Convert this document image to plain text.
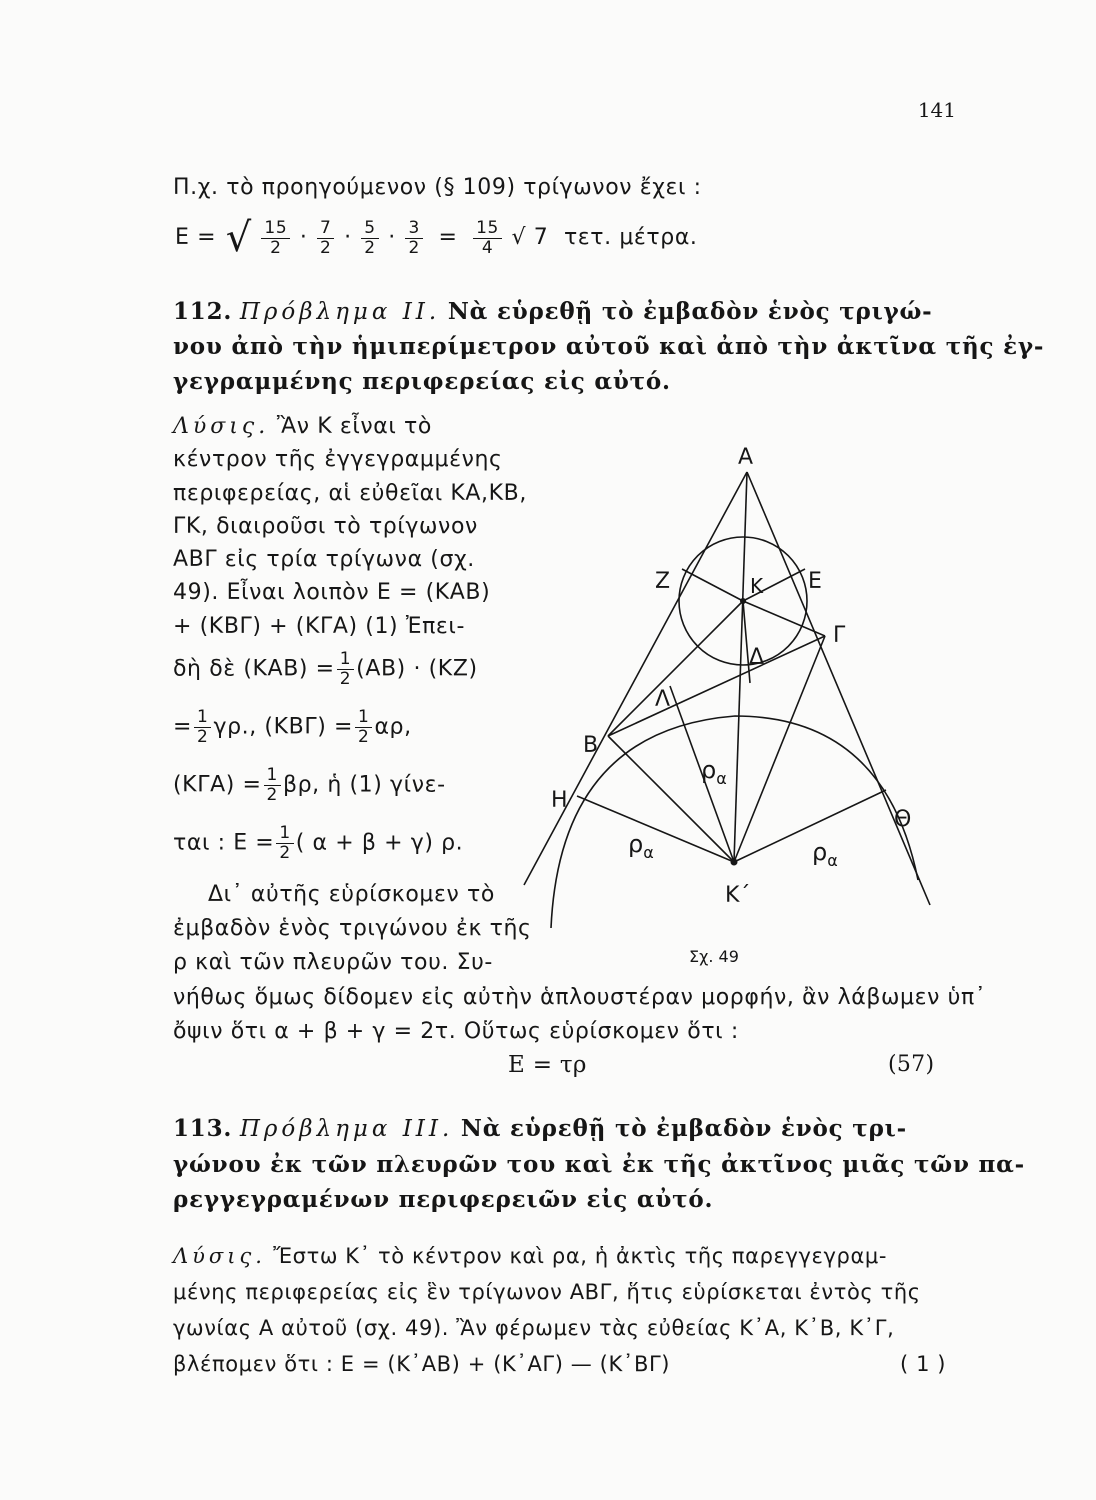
141
Π.χ. τὸ προηγούμενον (§ 109) τρίγωνον ἔχει :
Ε = √ $\frac{15}{2} \cdot \frac{7}{2} \cdot \frac{5}{2} \cdot \frac{3}{2} = \frac{15}{4}$ √ 7 τετ. μέτρα.
112. Πρόβλημα ΙΙ. Νὰ εὑρεθῇ τὸ ἐμβαδὸν ἑνὸς τριγώ-
νου ἀπὸ τὴν ἡμιπερίμετρον αὐτοῦ καὶ ἀπὸ τὴν ἀκτῖνα τῆς ἐγ-
γεγραμμένης περιφερείας εἰς αὐτό.
Λύσις. Ἂν Κ εἶναι τὸ
κέντρον τῆς ἐγγεγραμμένης
περιφερείας, αἱ εὐθεῖαι ΚΑ,ΚΒ,
ΓΚ, διαιροῦσι τὸ τρίγωνον
ΑΒΓ εἰς τρία τρίγωνα (σχ.
49). Εἶναι λοιπὸν Ε = (ΚΑΒ)
+ (ΚΒΓ) + (ΚΓΑ) (1) Ἐπει-
δὴ δὲ $(KAB) = \frac{1}{2} (AB) \cdot (KZ)$
= $\frac{1}{2} \gamma\rho$., $(KB\Gamma) = \frac{1}{2} \alpha\rho$,
$(K\Gamma A) = \frac{1}{2} \beta\rho$, ἡ (1) γίνε-
ται : $E = \frac{1}{2}$ ( α + β + γ) ρ.
Δι᾽ αὐτῆς εὑρίσκομεν τὸ
ἐμβαδὸν ἑνὸς τριγώνου ἐκ τῆς
ρ καὶ τῶν πλευρῶν του. Συ-
νήθως ὅμως δίδομεν εἰς αὐτὴν ἁπλουστέραν μορφήν, ἂν λάβωμεν ὑπ᾽
ὄψιν ὅτι α + β + γ = 2τ. Οὕτως εὑρίσκομεν ὅτι :
Ε = τρ	(57)
113. Πρόβλημα ΙΙΙ. Νὰ εὑρεθῇ τὸ ἐμβαδὸν ἑνὸς τρι-
γώνου ἐκ τῶν πλευρῶν του καὶ ἐκ τῆς ἀκτῖνος μιᾶς τῶν πα-
ρεγγεγραμένων περιφερειῶν εἰς αὐτό.
Λύσις. Ἔστω Κ᾽ τὸ κέντρον καὶ ρα, ἡ ἀκτὶς τῆς παρεγγεγραμ-
μένης περιφερείας εἰς ἓν τρίγωνον ΑΒΓ, ἥτις εὑρίσκεται ἐντὸς τῆς
γωνίας Α αὐτοῦ (σχ. 49). Ἂν φέρωμεν τὰς εὐθείας Κ᾽Α, Κ᾽Β, Κ᾽Γ,
βλέπομεν ὅτι : Ε = (Κ᾽ΑΒ) + (Κ᾽ΑΓ) — (Κ᾽ΒΓ)	( 1 )
Α
Ε
Ζ	Κ
Γ
Δ
Λ
Β
Η
Θ
Κ´
$\rho_\alpha$
$\rho_\alpha$	$\rho_\alpha$
Σχ. 49
